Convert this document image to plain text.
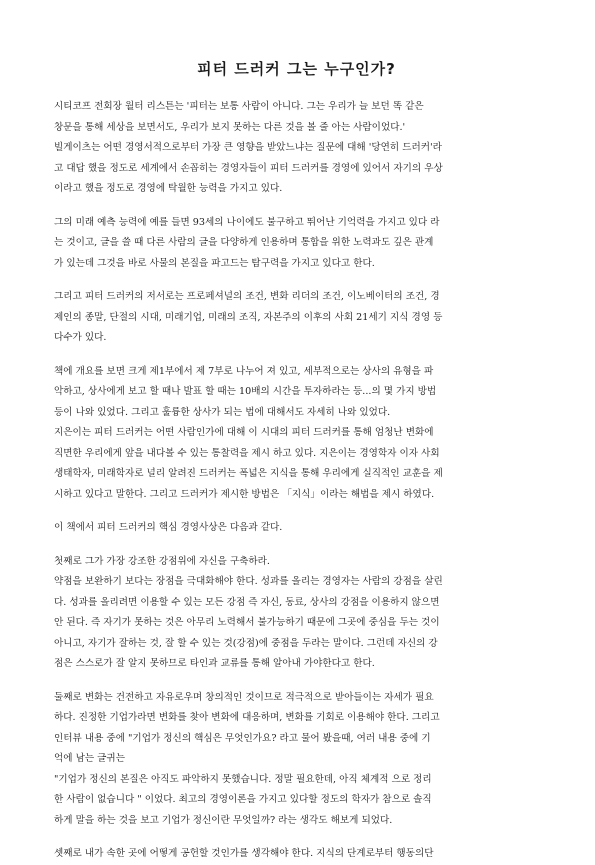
피터 드러커 그는 누구인가?
시티코프 전회장 월터 리스튼는 '피터는 보통 사람이 아니다. 그는 우리가 늘 보던 똑 같은
창문을 통해 세상을 보면서도, 우리가 보지 못하는 다른 것을 볼 줄 아는 사람이었다.'
빌게이츠는 어떤 경영서적으로부터 가장 큰 영향을 받았느냐는 질문에 대해 '당연히 드러커'라
고 대답 했을 정도로 세계에서 손꼽히는 경영자들이 피터 드러커를 경영에 있어서 자기의 우상
이라고 했을 정도로 경영에 탁월한 능력을 가지고 있다.
그의 미래 예측 능력에 예를 들면 93세의 나이에도 불구하고 뛰어난 기억력을 가지고 있다 라
는 것이고, 글을 쓸 때 다른 사람의 글을 다양하게 인용하며 통합을 위한 노력과도 깊은 관계
가 있는데 그것을 바로 사물의 본질을 파고드는 탐구력을 가지고 있다고 한다.
그리고 피터 드러커의 저서로는 프로페셔널의 조건, 변화 리더의 조건, 이노베이터의 조건, 경
제인의 종말, 단절의 시대, 미래기업, 미래의 조직, 자본주의 이후의 사회 21세기 지식 경영 등
다수가 있다.
책에 개요를 보면 크게 제1부에서 제 7부로 나누어 져 있고, 세부적으로는 상사의 유형을 파
악하고, 상사에게 보고 할 때나 발표 할 때는 10배의 시간을 투자하라는 등...의 몇 가지 방법
등이 나와 있었다. 그리고 훌륭한 상사가 되는 법에 대해서도 자세히 나와 있었다.
지은이는 피터 드러커는 어떤 사람인가에 대해 이 시대의 피터 드러커를 통해 엄청난 변화에
직면한 우리에게 앞을 내다볼 수 있는 통찰력을 제시 하고 있다. 지은이는 경영학자 이자 사회
생태학자, 미래학자로 널리 알려진 드러커는 폭넓은 지식을 통해 우리에게 실직적인 교훈을 제
시하고 있다고 말한다. 그리고 드러커가 제시한 방법은 「지식」이라는 해법을 제시 하였다.
이 책에서 피터 드러커의 핵심 경영사상은 다음과 같다.
첫째로 그가 가장 강조한 강점위에 자신을 구축하라.
약점을 보완하기 보다는 장점을 극대화해야 한다. 성과를 올리는 경영자는 사람의 강점을 살린
다. 성과를 올리려면 이용할 수 있는 모든 강점 즉 자신, 동료, 상사의 강점을 이용하지 않으면
안 된다. 즉 자기가 못하는 것은 아무리 노력해서 불가능하기 때문에 그곳에 중심을 두는 것이
아니고, 자기가 잘하는 것, 잘 할 수 있는 것(강점)에 중점을 두라는 말이다. 그런데 자신의 강
점은 스스로가 잘 알지 못하므로 타인과 교류를 통해 알아내 가야한다고 한다.
둘째로 변화는 건전하고 자유로우며 창의적인 것이므로 적극적으로 받아들이는 자세가 필요
하다. 진정한 기업가라면 변화를 찾아 변화에 대응하며, 변화를 기회로 이용해야 한다. 그리고
인터뷰 내용 중에 "기업가 정신의 핵심은 무엇인가요? 라고 물어 봤을때, 여러 내용 중에 기
억에 남는 글귀는
"기업가 정신의 본질은 아직도 파악하지 못했습니다. 정말 필요한데, 아직 체계적 으로 정리
한 사람이 없습니다 " 이었다. 최고의 경영이론을 가지고 있다할 정도의 학자가 참으로 솔직
하게 말을 하는 것을 보고 기업가 정신이란 무엇일까? 라는 생각도 해보게 되었다.
셋째로 내가 속한 곳에 어떻게 공헌할 것인가를 생각해야 한다. 지식의 단계로부터 행동의단
